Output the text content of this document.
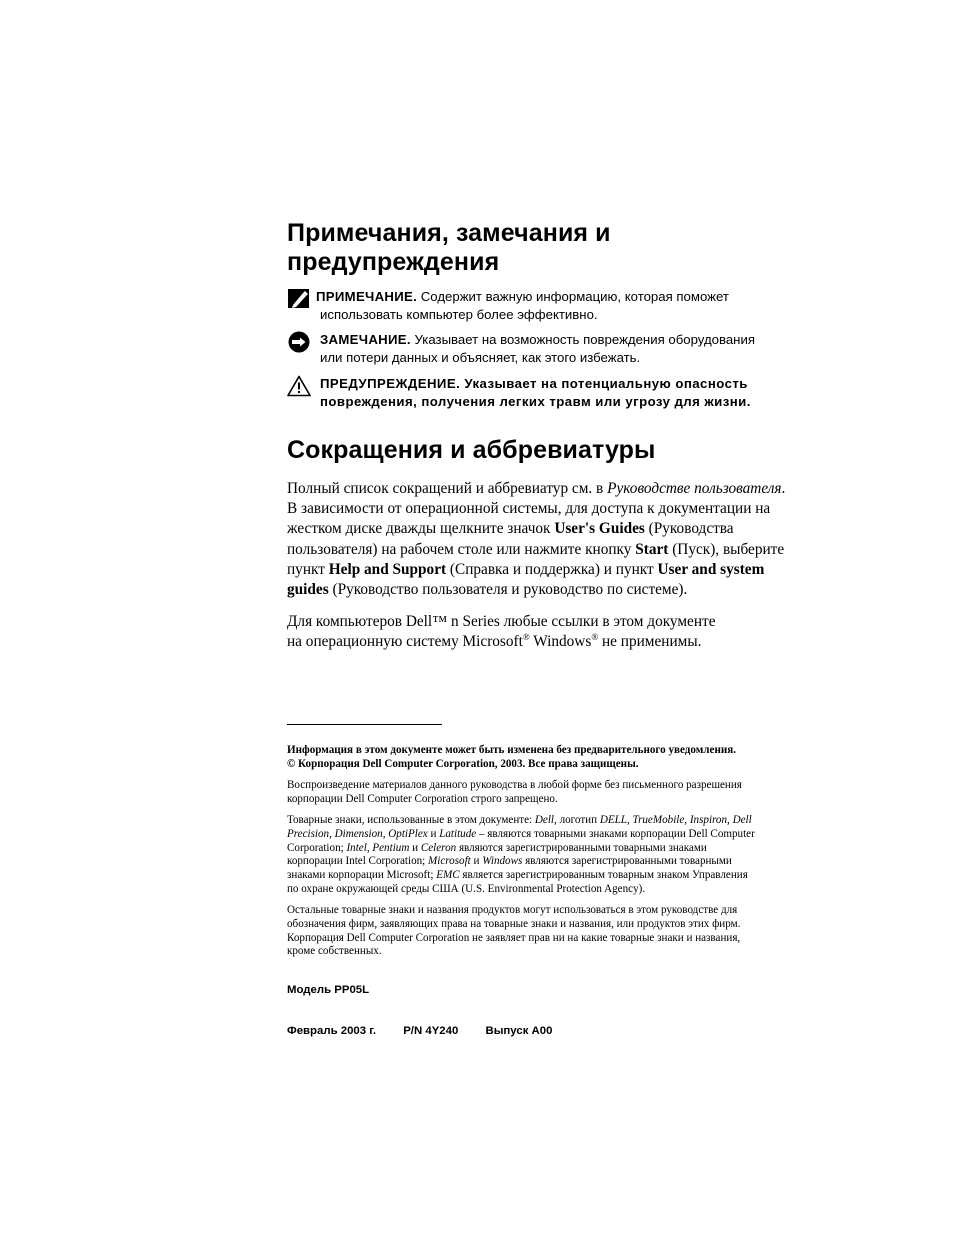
Примечания, замечания и
предупреждения
ПРИМЕЧАНИЕ. Содержит важную информацию, которая поможет
использовать компьютер более эффективно.
ЗАМЕЧАНИЕ. Указывает на возможность повреждения оборудования
или потери данных и объясняет, как этого избежать.
ПРЕДУПРЕЖДЕНИЕ. Указывает на потенциальную опасность
повреждения, получения легких травм или угрозу для жизни.
Сокращения и аббревиатуры

Полный список сокращений и аббревиатур см. в Руководстве пользователя.
В зависимости от операционной системы, для доступа к документации на
жестком диске дважды щелкните значок User's Guides (Руководства
пользователя) на рабочем столе или нажмите кнопку Start (Пуск), выберите
пункт Help and Support (Справка и поддержка) и пункт User and system
guides (Руководство пользователя и руководство по системе).

Для компьютеров Dell™ n Series любые ссылки в этом документе
на операционную систему Microsoft® Windows® не применимы.

Информация в этом документе может быть изменена без предварительного уведомления.
© Корпорация Dell Computer Corporation, 2003. Все права защищены.

Воспроизведение материалов данного руководства в любой форме без письменного разрешения
корпорации Dell Computer Corporation строго запрещено.

Товарные знаки, использованные в этом документе: Dell, логотип DELL, TrueMobile, Inspiron, Dell
Precision, Dimension, OptiPlex и Latitude – являются товарными знаками корпорации Dell Computer
Corporation; Intel, Pentium и Celeron являются зарегистрированными товарными знаками
корпорации Intel Corporation; Microsoft и Windows являются зарегистрированными товарными
знаками корпорации Microsoft; EMC является зарегистрированным товарным знаком Управления
по охране окружающей среды США (U.S. Environmental Protection Agency).

Остальные товарные знаки и названия продуктов могут использоваться в этом руководстве для
обозначения фирм, заявляющих права на товарные знаки и названия, или продуктов этих фирм.
Корпорация Dell Computer Corporation не заявляет прав ни на какие товарные знаки и названия,
кроме собственных.

Модель PP05L
Февраль 2003 г. P/N 4Y240 Выпуск A00
